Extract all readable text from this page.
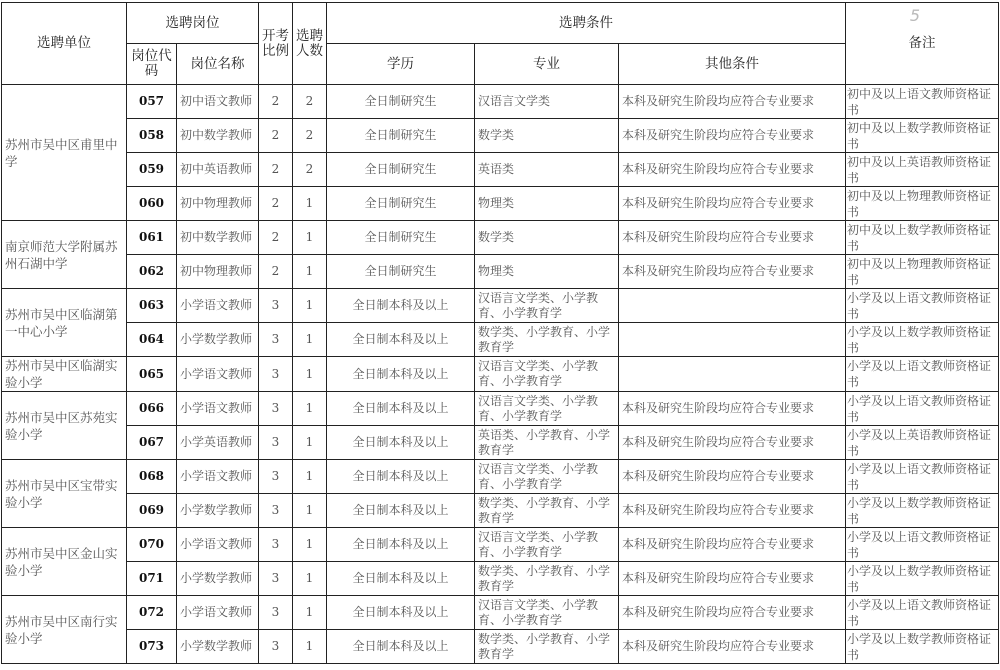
5
选聘单位	选聘岗位		开考比例	选聘人数	选聘条件			备注
	岗位代码	岗位名称			学历	专业	其他条件	
苏州市吴中区甫里中学	057	初中语文教师	2	2	全日制研究生	汉语言文学类	本科及研究生阶段均应符合专业要求	初中及以上语文教师资格证书
	058	初中数学教师	2	2	全日制研究生	数学类	本科及研究生阶段均应符合专业要求	初中及以上数学教师资格证书
	059	初中英语教师	2	2	全日制研究生	英语类	本科及研究生阶段均应符合专业要求	初中及以上英语教师资格证书
	060	初中物理教师	2	1	全日制研究生	物理类	本科及研究生阶段均应符合专业要求	初中及以上物理教师资格证书
南京师范大学附属苏州石湖中学	061	初中数学教师	2	1	全日制研究生	数学类	本科及研究生阶段均应符合专业要求	初中及以上数学教师资格证书
	062	初中物理教师	2	1	全日制研究生	物理类	本科及研究生阶段均应符合专业要求	初中及以上物理教师资格证书
苏州市吴中区临湖第一中心小学	063	小学语文教师	3	1	全日制本科及以上	汉语言文学类、小学教育、小学教育学		小学及以上语文教师资格证书
	064	小学数学教师	3	1	全日制本科及以上	数学类、小学教育、小学教育学		小学及以上数学教师资格证书
苏州市吴中区临湖实验小学	065	小学语文教师	3	1	全日制本科及以上	汉语言文学类、小学教育、小学教育学		小学及以上语文教师资格证书
苏州市吴中区苏苑实验小学	066	小学语文教师	3	1	全日制本科及以上	汉语言文学类、小学教育、小学教育学	本科及研究生阶段均应符合专业要求	小学及以上语文教师资格证书
	067	小学英语教师	3	1	全日制本科及以上	英语类、小学教育、小学教育学	本科及研究生阶段均应符合专业要求	小学及以上英语教师资格证书
苏州市吴中区宝带实验小学	068	小学语文教师	3	1	全日制本科及以上	汉语言文学类、小学教育、小学教育学	本科及研究生阶段均应符合专业要求	小学及以上语文教师资格证书
	069	小学数学教师	3	1	全日制本科及以上	数学类、小学教育、小学教育学	本科及研究生阶段均应符合专业要求	小学及以上数学教师资格证书
苏州市吴中区金山实验小学	070	小学语文教师	3	1	全日制本科及以上	汉语言文学类、小学教育、小学教育学	本科及研究生阶段均应符合专业要求	小学及以上语文教师资格证书
	071	小学数学教师	3	1	全日制本科及以上	数学类、小学教育、小学教育学	本科及研究生阶段均应符合专业要求	小学及以上数学教师资格证书
苏州市吴中区南行实验小学	072	小学语文教师	3	1	全日制本科及以上	汉语言文学类、小学教育、小学教育学	本科及研究生阶段均应符合专业要求	小学及以上语文教师资格证书
	073	小学数学教师	3	1	全日制本科及以上	数学类、小学教育、小学教育学	本科及研究生阶段均应符合专业要求	小学及以上数学教师资格证书
